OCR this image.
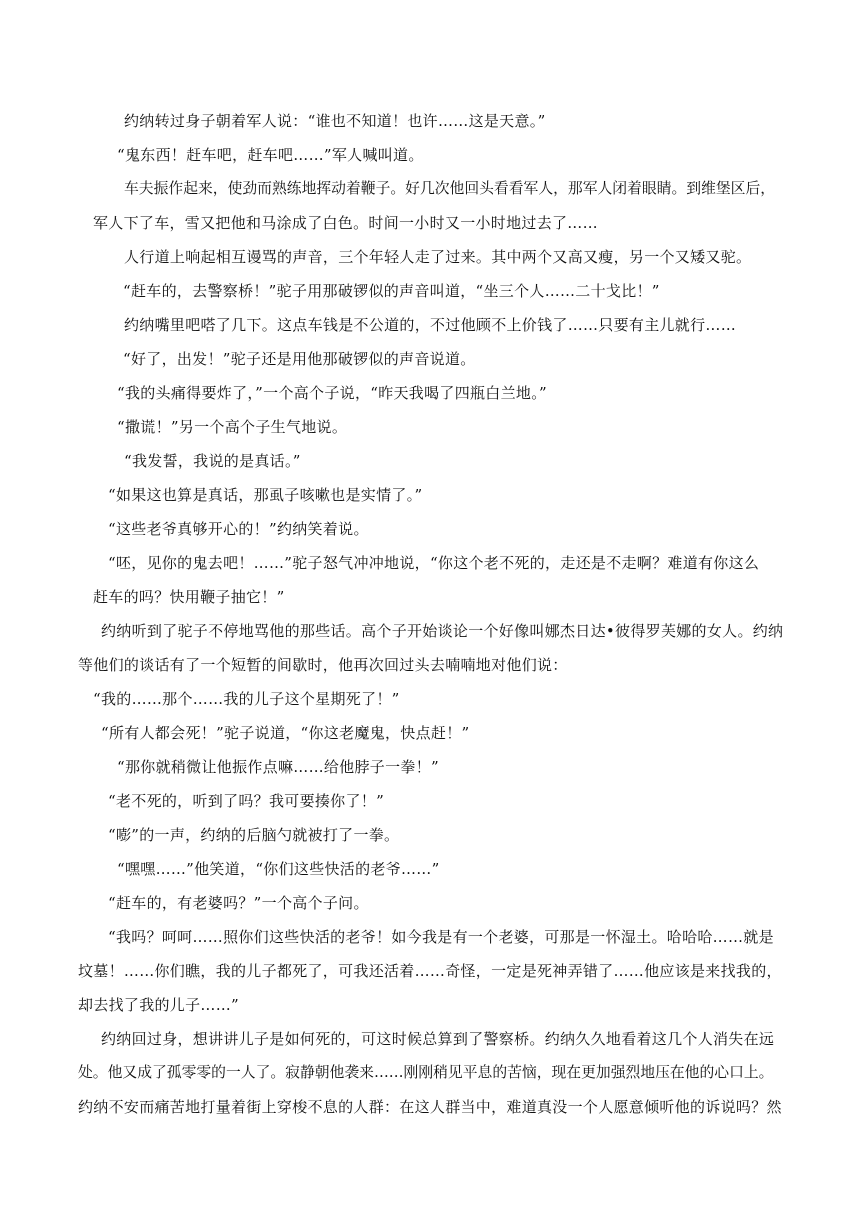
约纳转过身子朝着军人说：“谁也不知道！也许……这是天意。”
“鬼东西！赶车吧，赶车吧……”军人喊叫道。
车夫振作起来，使劲而熟练地挥动着鞭子。好几次他回头看看军人，那军人闭着眼睛。到维堡区后，
军人下了车，雪又把他和马涂成了白色。时间一小时又一小时地过去了……
人行道上响起相互谩骂的声音，三个年轻人走了过来。其中两个又高又瘦，另一个又矮又驼。
“赶车的，去警察桥！”驼子用那破锣似的声音叫道，“坐三个人……二十戈比！”
约纳嘴里吧嗒了几下。这点车钱是不公道的，不过他顾不上价钱了……只要有主儿就行……
“好了，出发！”驼子还是用他那破锣似的声音说道。
“我的头痛得要炸了，”一个高个子说，“昨天我喝了四瓶白兰地。”
“撒谎！”另一个高个子生气地说。
“我发誓，我说的是真话。”
“如果这也算是真话，那虱子咳嗽也是实情了。”
“这些老爷真够开心的！”约纳笑着说。
“呸，见你的鬼去吧！……”驼子怒气冲冲地说，“你这个老不死的，走还是不走啊？难道有你这么
赶车的吗？快用鞭子抽它！”
约纳听到了驼子不停地骂他的那些话。高个子开始谈论一个好像叫娜杰日达•彼得罗芙娜的女人。约纳
等他们的谈话有了一个短暂的间歇时，他再次回过头去喃喃地对他们说：
“我的……那个……我的儿子这个星期死了！”
“所有人都会死！”驼子说道，“你这老魔鬼，快点赶！”
“那你就稍微让他振作点嘛……给他脖子一拳！”
“老不死的，听到了吗？我可要揍你了！”
“嘭”的一声，约纳的后脑勺就被打了一拳。
“嘿嘿……”他笑道，“你们这些快活的老爷……”
“赶车的，有老婆吗？”一个高个子问。
“我吗？呵呵……照你们这些快活的老爷！如今我是有一个老婆，可那是一怀湿土。哈哈哈……就是
坟墓！……你们瞧，我的儿子都死了，可我还活着……奇怪，一定是死神弄错了……他应该是来找我的，
却去找了我的儿子……”
约纳回过身，想讲讲儿子是如何死的，可这时候总算到了警察桥。约纳久久地看着这几个人消失在远
处。他又成了孤零零的一人了。寂静朝他袭来……刚刚稍见平息的苦恼，现在更加强烈地压在他的心口上。
约纳不安而痛苦地打量着街上穿梭不息的人群：在这人群当中，难道真没一个人愿意倾听他的诉说吗？然
